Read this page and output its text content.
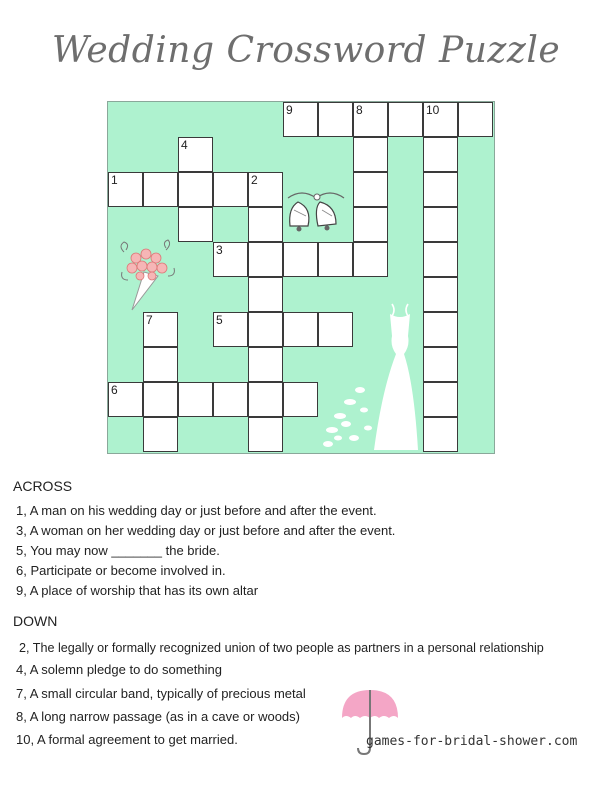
Wedding Crossword Puzzle
9	8	10
4
1	2
3
5
7
6
ACROSS
1, A man on his wedding day or just before and after the event.
3, A woman on her wedding day or just before and after the event.
5, You may now _______ the bride.
6, Participate or become involved in.
9, A place of worship that has its own altar
DOWN
2, The legally or formally recognized union of two people as partners in a personal relationship
4, A solemn pledge to do something
7, A small circular band, typically of precious metal
8, A long narrow passage (as in a cave or woods)
10, A formal agreement to get married.	games-for-bridal-shower.com
